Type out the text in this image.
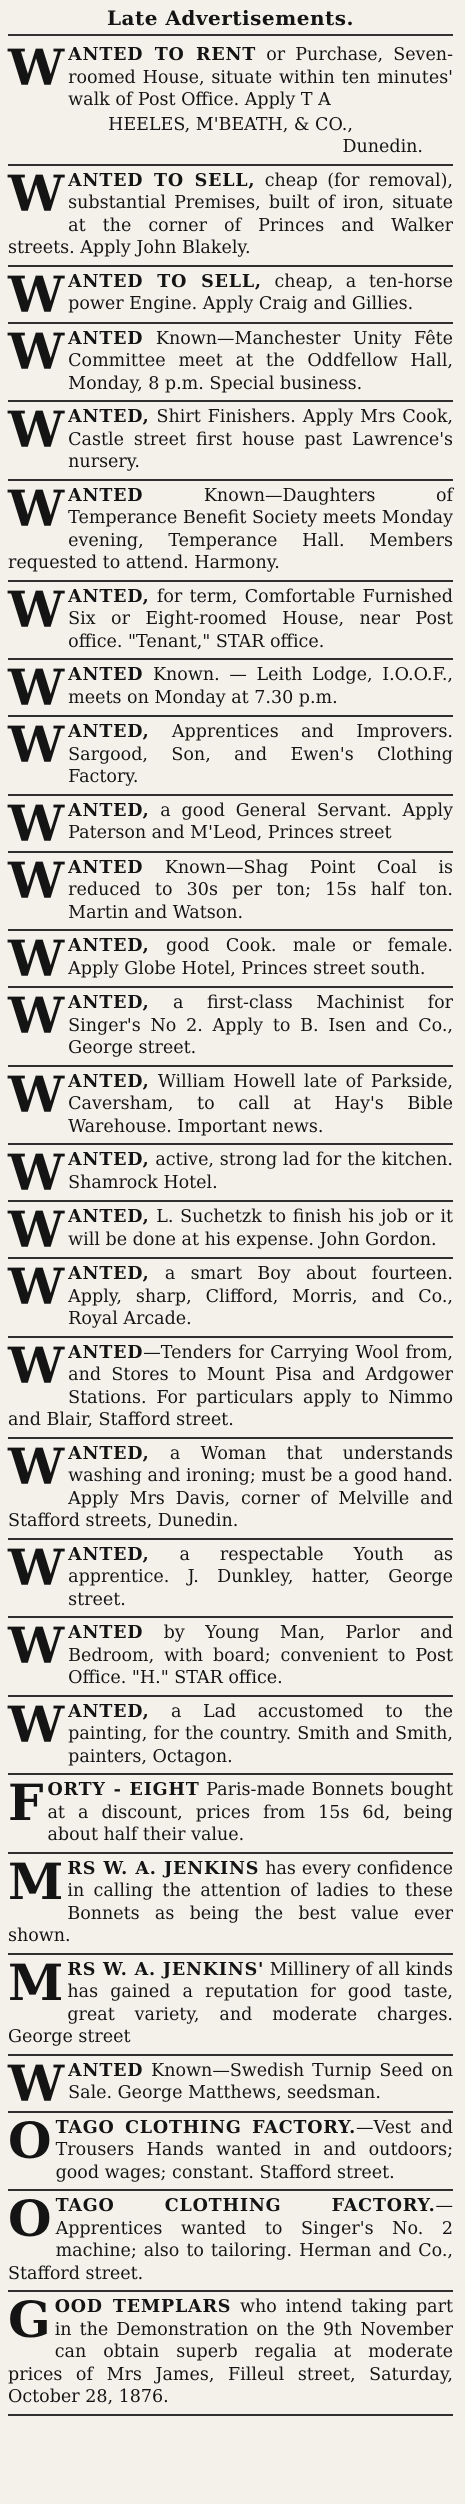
Late Advertisements.
WANTED TO RENT or Purchase, Seven-roomed House, situate within ten minutes' walk of Post Office. Apply T A
HEELES, M'BEATH, & CO.,
Dunedin.
WANTED TO SELL, cheap (for removal), substantial Premises, built of iron, situate at the corner of Princes and Walker streets. Apply John Blakely.
WANTED TO SELL, cheap, a ten-horse power Engine. Apply Craig and Gillies.
WANTED Known—Manchester Unity Fête Committee meet at the Oddfellow Hall, Monday, 8 p.m. Special business.
WANTED, Shirt Finishers. Apply Mrs Cook, Castle street first house past Lawrence's nursery.
WANTED Known—Daughters of Temperance Benefit Society meets Monday evening, Temperance Hall. Members requested to attend. Harmony.
WANTED, for term, Comfortable Furnished Six or Eight-roomed House, near Post office. "Tenant," STAR office.
WANTED Known. — Leith Lodge, I.O.O.F., meets on Monday at 7.30 p.m.
WANTED, Apprentices and Improvers. Sargood, Son, and Ewen's Clothing Factory.
WANTED, a good General Servant. Apply Paterson and M'Leod, Princes street
WANTED Known—Shag Point Coal is reduced to 30s per ton; 15s half ton. Martin and Watson.
WANTED, good Cook. male or female. Apply Globe Hotel, Princes street south.
WANTED, a first-class Machinist for Singer's No 2. Apply to B. Isen and Co., George street.
WANTED, William Howell late of Parkside, Caversham, to call at Hay's Bible Warehouse. Important news.
WANTED, active, strong lad for the kitchen. Shamrock Hotel.
WANTED, L. Suchetzk to finish his job or it will be done at his expense. John Gordon.
WANTED, a smart Boy about fourteen. Apply, sharp, Clifford, Morris, and Co., Royal Arcade.
WANTED—Tenders for Carrying Wool from, and Stores to Mount Pisa and Ardgower Stations. For particulars apply to Nimmo and Blair, Stafford street.
WANTED, a Woman that understands washing and ironing; must be a good hand. Apply Mrs Davis, corner of Melville and Stafford streets, Dunedin.
WANTED, a respectable Youth as apprentice. J. Dunkley, hatter, George street.
WANTED by Young Man, Parlor and Bedroom, with board; convenient to Post Office. "H." STAR office.
WANTED, a Lad accustomed to the painting, for the country. Smith and Smith, painters, Octagon.
FORTY - EIGHT Paris-made Bonnets bought at a discount, prices from 15s 6d, being about half their value.
MRS W. A. JENKINS has every confidence in calling the attention of ladies to these Bonnets as being the best value ever shown.
MRS W. A. JENKINS' Millinery of all kinds has gained a reputation for good taste, great variety, and moderate charges. George street
WANTED Known—Swedish Turnip Seed on Sale. George Matthews, seedsman.
OTAGO CLOTHING FACTORY.—Vest and Trousers Hands wanted in and outdoors; good wages; constant. Stafford street.
OTAGO CLOTHING FACTORY.—Apprentices wanted to Singer's No. 2 machine; also to tailoring. Herman and Co., Stafford street.
GOOD TEMPLARS who intend taking part in the Demonstration on the 9th November can obtain superb regalia at moderate prices of Mrs James, Filleul street, Saturday, October 28, 1876.
